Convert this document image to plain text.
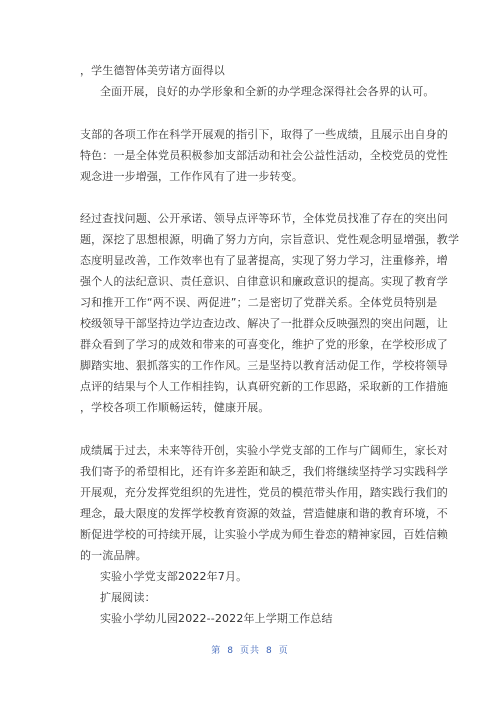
，学生德智体美劳诸方面得以
全面开展，良好的办学形象和全新的办学理念深得社会各界的认可。
支部的各项工作在科学开展观的指引下，取得了一些成绩，且展示出自身的
特色：一是全体党员积极参加支部活动和社会公益性活动，全校党员的党性
观念进一步增强，工作作风有了进一步转变。
经过查找问题、公开承诺、领导点评等环节，全体党员找准了存在的突出问
题，深挖了思想根源，明确了努力方向，宗旨意识、党性观念明显增强，教学
态度明显改善，工作效率也有了显著提高，实现了努力学习，注重修养，增
强个人的法纪意识、责任意识、自律意识和廉政意识的提高。实现了教育学
习和推开工作“两不误、两促进”；二是密切了党群关系。全体党员特别是
校级领导干部坚持边学边查边改、解决了一批群众反映强烈的突出问题，让
群众看到了学习的成效和带来的可喜变化，维护了党的形象，在学校形成了
脚踏实地、狠抓落实的工作作风。三是坚持以教育活动促工作，学校将领导
点评的结果与个人工作相挂钩，认真研究新的工作思路，采取新的工作措施
，学校各项工作顺畅运转，健康开展。
成绩属于过去，未来等待开创，实验小学党支部的工作与广阔师生，家长对
我们寄予的希望相比，还有许多差距和缺乏，我们将继续坚持学习实践科学
开展观，充分发挥党组织的先进性，党员的模范带头作用，踏实践行我们的
理念，最大限度的发挥学校教育资源的效益，营造健康和谐的教育环境，不
断促进学校的可持续开展，让实验小学成为师生眷恋的精神家园，百姓信赖
的一流品牌。
实验小学党支部2022年7月。
扩展阅读：
实验小学幼儿园2022--2022年上学期工作总结
第 8 页共 8 页
